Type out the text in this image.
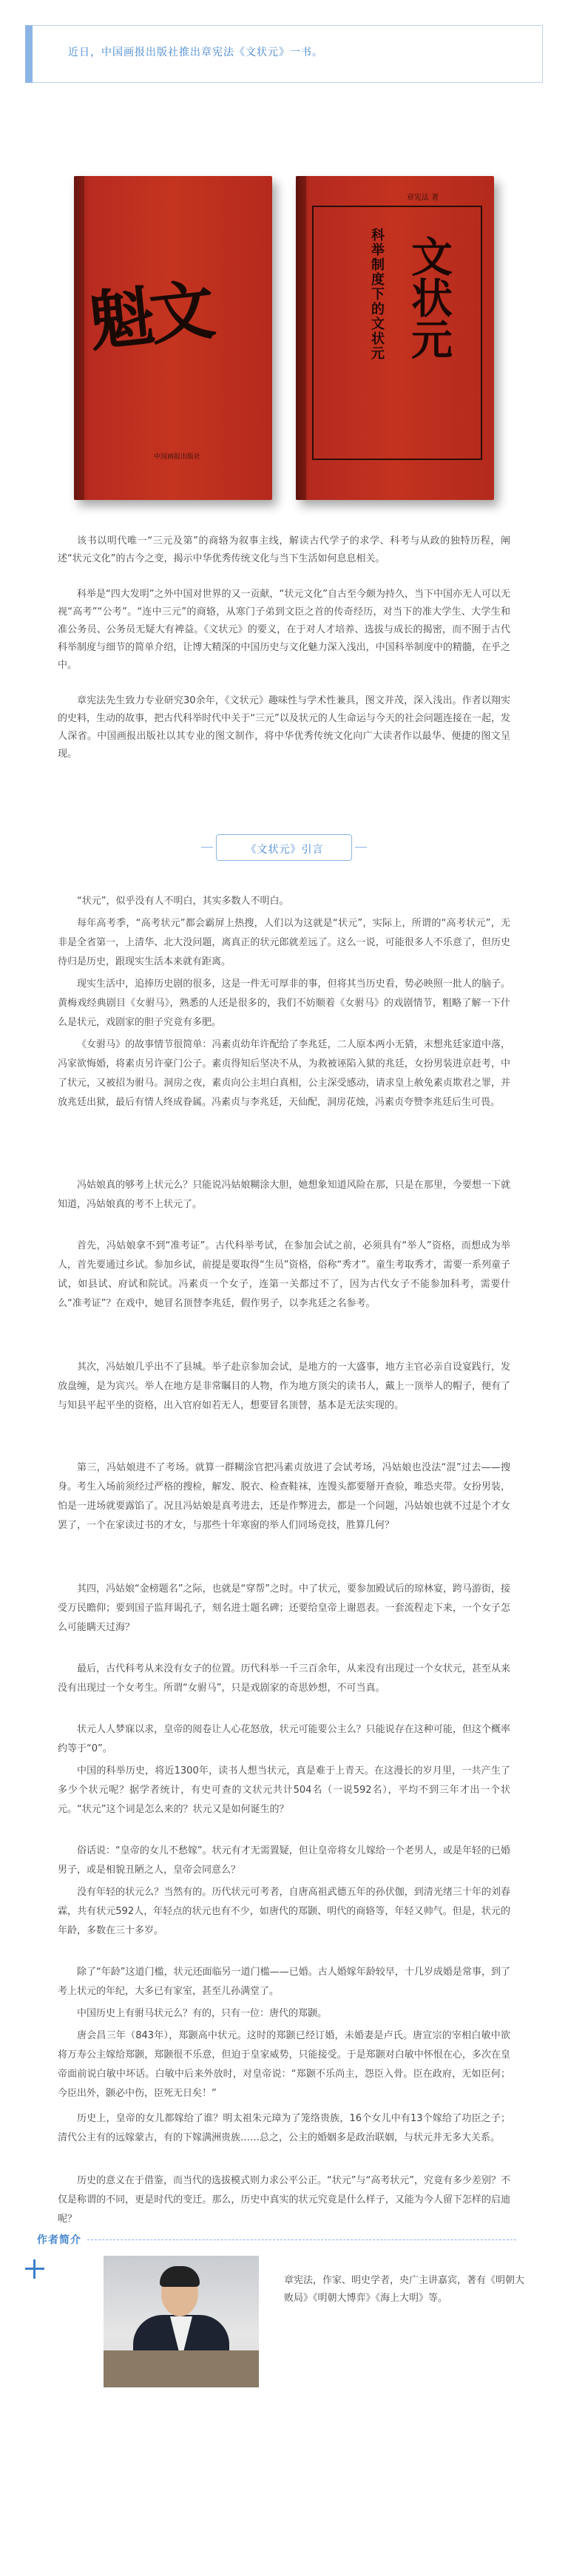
近日，中国画报出版社推出章宪法《文状元》一书。
魁文
中国画报出版社
章宪法 著
科举制度下的文状元 文状元

该书以明代唯一“三元及第”的商辂为叙事主线，解读古代学子的求学、科考与从政的独特历程，阐述“状元文化”的古今之变，揭示中华优秀传统文化与当下生活如何息息相关。

科举是“四大发明”之外中国对世界的又一贡献，“状元文化”自古至今颇为持久，当下中国亦无人可以无视“高考”“公考”。“连中三元”的商辂，从寒门子弟到文臣之首的传奇经历，对当下的准大学生、大学生和准公务员、公务员无疑大有裨益。《文状元》的要义，在于对人才培养、选拔与成长的揭密，而不囿于古代科举制度与细节的简单介绍，让博大精深的中国历史与文化魅力深入浅出，中国科举制度中的精髓，在乎之中。

章宪法先生致力专业研究30余年，《文状元》趣味性与学术性兼具，图文并茂，深入浅出。作者以翔实的史料，生动的故事，把古代科举时代中关于“三元”以及状元的人生命运与今天的社会问题连接在一起，发人深省。中国画报出版社以其专业的图文制作，将中华优秀传统文化向广大读者作以最华、便捷的图文呈现。

《文状元》引言

“状元”，似乎没有人不明白，其实多数人不明白。

每年高考季，“高考状元”都会霸屏上热搜，人们以为这就是“状元”，实际上，所谓的“高考状元”，无非是全省第一，上清华、北大没问题，离真正的状元郎就差远了。这么一说，可能很多人不乐意了，但历史待归是历史，跟现实生活本来就有距离。

现实生活中，追捧历史剧的很多，这是一件无可厚非的事，但将其当历史看，势必映照一批人的脑子。黄梅戏经典剧目《女驸马》，熟悉的人还是很多的，我们不妨顺着《女驸马》的戏剧情节，粗略了解一下什么是状元，戏剧家的胆子究竟有多肥。

《女驸马》的故事情节很简单：冯素贞幼年许配给了李兆廷，二人原本两小无猜，末想兆廷家道中落，冯家欲悔婚，将素贞另许豪门公子。素贞得知后坚决不从，为救被诬陷入狱的兆廷，女扮男装进京赶考，中了状元，又被招为驸马。洞房之夜，素贞向公主坦白真相，公主深受感动，请求皇上赦免素贞欺君之罪，并放兆廷出狱，最后有情人终成眷属。冯素贞与李兆廷，天仙配，洞房花烛，冯素贞夸赞李兆廷后生可畏。

冯姑娘真的够考上状元么？只能说冯姑娘糊涂大胆，她想象知道风险在那，只是在那里，今要想一下就知道，冯姑娘真的考不上状元了。

首先，冯姑娘拿不到“准考证”。古代科举考试，在参加会试之前，必须具有“举人”资格，而想成为举人，首先要通过乡试。参加乡试，前提是要取得“生员”资格，俗称“秀才”。童生考取秀才，需要一系列童子试，如县试、府试和院试。冯素贞一个女子，连第一关都过不了，因为古代女子不能参加科考，需要什么“准考证”？在戏中，她冒名顶替李兆廷，假作男子，以李兆廷之名参考。

其次，冯姑娘几乎出不了县城。举子赴京参加会试，是地方的一大盛事，地方主官必亲自设宴践行，发放盘缠，是为宾兴。举人在地方是非常瞩目的人物，作为地方顶尖的读书人，戴上一顶举人的帽子，便有了与知县平起平坐的资格，出入官府如若无人，想要冒名顶替，基本是无法实现的。

第三，冯姑娘进不了考场。就算一群糊涂官把冯素贞放进了会试考场，冯姑娘也没法“混”过去——搜身。考生入场前须经过严格的搜检，解发、脱衣、检查鞋袜，连馒头都要掰开查验，唯恐夹带。女扮男装，怕是一进场就要露馅了。况且冯姑娘是真考进去，还是作弊进去，都是一个问题，冯姑娘也就不过是个才女罢了，一个在家读过书的才女，与那些十年寒窗的举人们同场竞技，胜算几何？

其四，冯姑娘“金榜题名”之际，也就是“穿帮”之时。中了状元，要参加殿试后的琼林宴，跨马游街，接受万民瞻仰；要到国子监拜谒孔子，刻名进士题名碑；还要给皇帝上谢恩表。一套流程走下来，一个女子怎么可能瞒天过海？

最后，古代科考从来没有女子的位置。历代科举一千三百余年，从来没有出现过一个女状元，甚至从来没有出现过一个女考生。所谓“女驸马”，只是戏剧家的奇思妙想，不可当真。

状元人人梦寐以求，皇帝的阅卷让人心花怒放，状元可能要公主么？只能说存在这种可能，但这个概率约等于“0”。

中国的科举历史，将近1300年，读书人想当状元，真是难于上青天。在这漫长的岁月里，一共产生了多少个状元呢？据学者统计，有史可查的文状元共计504名（一说592名），平均不到三年才出一个状元。“状元”这个词是怎么来的？状元又是如何诞生的？

俗话说：“皇帝的女儿不愁嫁”。状元有才无需置疑，但让皇帝将女儿嫁给一个老男人，或是年轻的已婚男子，或是相貌丑陋之人，皇帝会同意么？

没有年轻的状元么？当然有的。历代状元可考者，自唐高祖武德五年的孙伏伽，到清光绪三十年的刘春霖，共有状元592人，年轻点的状元也有不少，如唐代的郑颢、明代的商辂等，年轻又帅气。但是，状元的年龄，多数在三十多岁。

除了“年龄”这道门槛，状元还面临另一道门槛——已婚。古人婚嫁年龄较早，十几岁成婚是常事，到了考上状元的年纪，大多已有家室，甚至儿孙满堂了。

中国历史上有驸马状元么？有的，只有一位：唐代的郑颢。

唐会昌三年（843年），郑颢高中状元。这时的郑颢已经订婚，未婚妻是卢氏。唐宣宗的宰相白敏中欲将万寿公主嫁给郑颢，郑颢很不乐意，但迫于皇家威势，只能接受。于是郑颢对白敏中怀恨在心，多次在皇帝面前说白敏中坏话。白敏中后来外放时，对皇帝说：“郑颢不乐尚主，怨臣入骨。臣在政府，无如臣何；今臣出外，颢必中伤，臣死无日矣！”

历史上，皇帝的女儿都嫁给了谁？明太祖朱元璋为了笼络贵族，16个女儿中有13个嫁给了功臣之子；清代公主有的远嫁蒙古，有的下嫁满洲贵族……总之，公主的婚姻多是政治联姻，与状元并无多大关系。

历史的意义在于借鉴，而当代的选拔模式则力求公平公正。“状元”与“高考状元”，究竟有多少差别？不仅是称谓的不同，更是时代的变迁。那么，历史中真实的状元究竟是什么样子，又能为今人留下怎样的启迪呢？

作者简介

章宪法，作家、明史学者，央广主讲嘉宾，著有《明朝大败局》《明朝大博弈》《海上大明》等。
